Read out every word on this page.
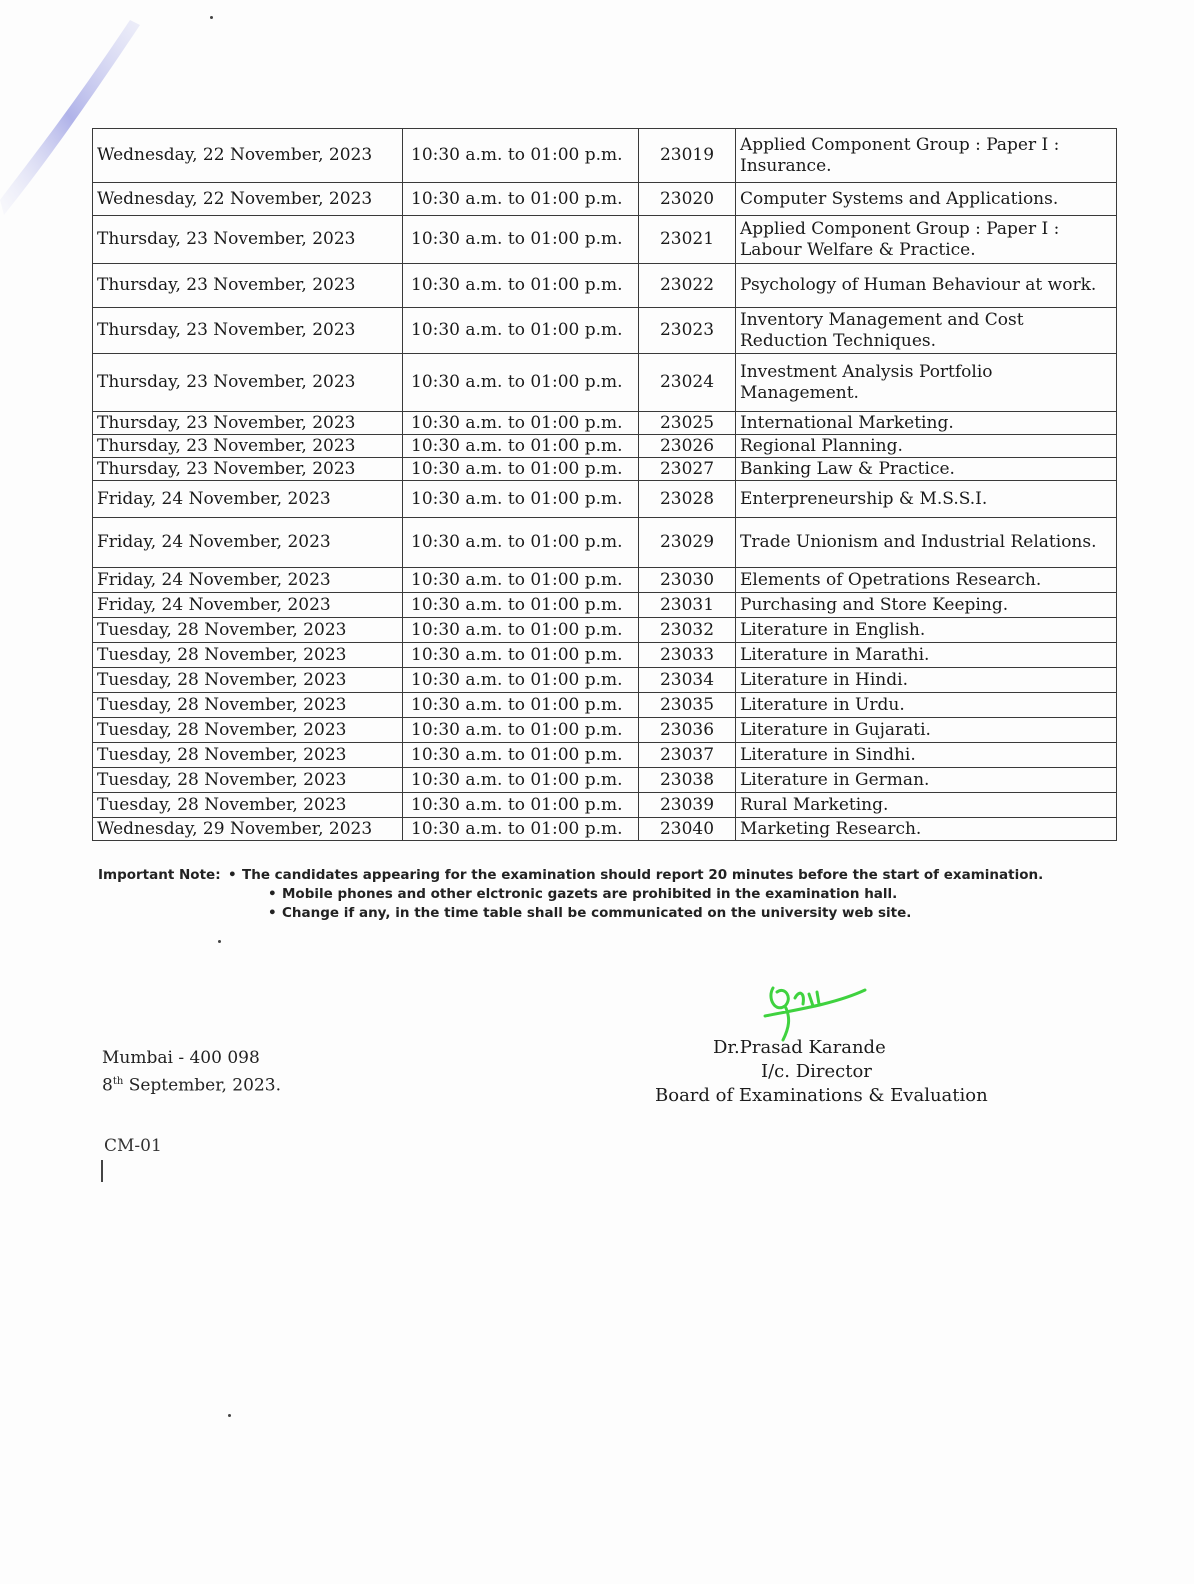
Wednesday, 22 November, 2023	10:30 a.m. to 01:00 p.m.	23019	Applied Component Group : Paper I : Insurance.
Wednesday, 22 November, 2023	10:30 a.m. to 01:00 p.m.	23020	Computer Systems and Applications.
Thursday, 23 November, 2023	10:30 a.m. to 01:00 p.m.	23021	Applied Component Group : Paper I : Labour Welfare & Practice.
Thursday, 23 November, 2023	10:30 a.m. to 01:00 p.m.	23022	Psychology of Human Behaviour at work.
Thursday, 23 November, 2023	10:30 a.m. to 01:00 p.m.	23023	Inventory Management and Cost Reduction Techniques.
Thursday, 23 November, 2023	10:30 a.m. to 01:00 p.m.	23024	Investment Analysis Portfolio Management.
Thursday, 23 November, 2023	10:30 a.m. to 01:00 p.m.	23025	International Marketing.
Thursday, 23 November, 2023	10:30 a.m. to 01:00 p.m.	23026	Regional Planning.
Thursday, 23 November, 2023	10:30 a.m. to 01:00 p.m.	23027	Banking Law & Practice.
Friday, 24 November, 2023	10:30 a.m. to 01:00 p.m.	23028	Enterpreneurship & M.S.S.I.
Friday, 24 November, 2023	10:30 a.m. to 01:00 p.m.	23029	Trade Unionism and Industrial Relations.
Friday, 24 November, 2023	10:30 a.m. to 01:00 p.m.	23030	Elements of Opetrations Research.
Friday, 24 November, 2023	10:30 a.m. to 01:00 p.m.	23031	Purchasing and Store Keeping.
Tuesday, 28 November, 2023	10:30 a.m. to 01:00 p.m.	23032	Literature in English.
Tuesday, 28 November, 2023	10:30 a.m. to 01:00 p.m.	23033	Literature in Marathi.
Tuesday, 28 November, 2023	10:30 a.m. to 01:00 p.m.	23034	Literature in Hindi.
Tuesday, 28 November, 2023	10:30 a.m. to 01:00 p.m.	23035	Literature in Urdu.
Tuesday, 28 November, 2023	10:30 a.m. to 01:00 p.m.	23036	Literature in Gujarati.
Tuesday, 28 November, 2023	10:30 a.m. to 01:00 p.m.	23037	Literature in Sindhi.
Tuesday, 28 November, 2023	10:30 a.m. to 01:00 p.m.	23038	Literature in German.
Tuesday, 28 November, 2023	10:30 a.m. to 01:00 p.m.	23039	Rural Marketing.
Wednesday, 29 November, 2023	10:30 a.m. to 01:00 p.m.	23040	Marketing Research.
Important Note: • The candidates appearing for the examination should report 20 minutes before the start of examination.
• Mobile phones and other elctronic gazets are prohibited in the examination hall.
• Change if any, in the time table shall be communicated on the university web site.
Mumbai - 400 098
8th September, 2023.
Dr.Prasad Karande
I/c. Director
Board of Examinations & Evaluation
CM-01
